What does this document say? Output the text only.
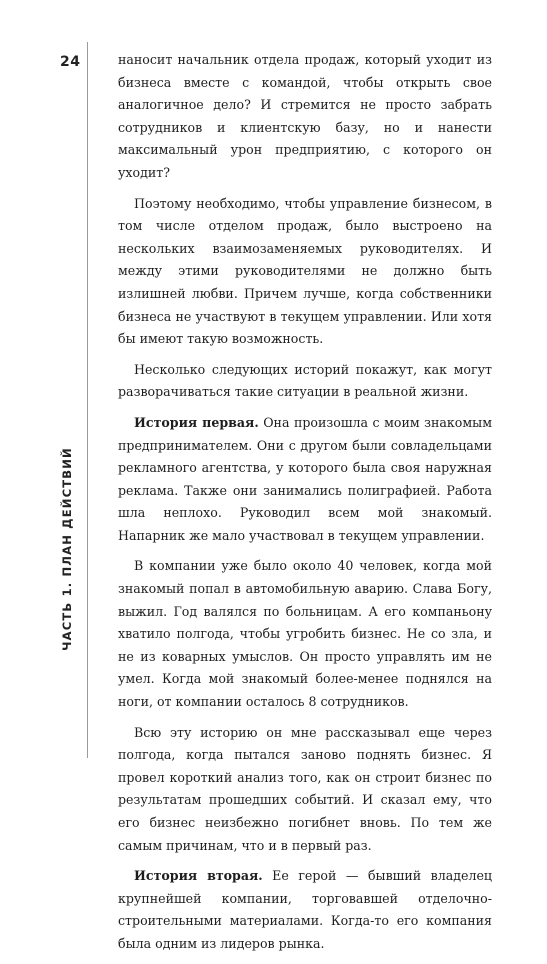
24
ЧАСТЬ 1. ПЛАН ДЕЙСТВИЙ

наносит начальник отдела продаж, который уходит из бизнеса вместе с командой, чтобы открыть свое аналогичное дело? И стремится не просто забрать сотрудников и клиентскую базу, но и нанести максимальный урон предприятию, с которого он уходит?

Поэтому необходимо, чтобы управление бизнесом, в том числе отделом продаж, было выстроено на нескольких взаимозаменяемых руководителях. И между этими руководителями не должно быть излишней любви. Причем лучше, когда собственники бизнеса не участвуют в текущем управлении. Или хотя бы имеют такую возможность.

Несколько следующих историй покажут, как могут разворачиваться такие ситуации в реальной жизни.

История первая. Она произошла с моим знакомым предпринимателем. Они с другом были совладельцами рекламного агентства, у которого была своя наружная реклама. Также они занимались полиграфией. Работа шла неплохо. Руководил всем мой знакомый. Напарник же мало участвовал в текущем управлении.

В компании уже было около 40 человек, когда мой знакомый попал в автомобильную аварию. Слава Богу, выжил. Год валялся по больницам. А его компаньону хватило полгода, чтобы угробить бизнес. Не со зла, и не из коварных умыслов. Он просто управлять им не умел. Когда мой знакомый более-менее поднялся на ноги, от компании осталось 8 сотрудников.

Всю эту историю он мне рассказывал еще через полгода, когда пытался заново поднять бизнес. Я провел короткий анализ того, как он строит бизнес по результатам прошедших событий. И сказал ему, что его бизнес неизбежно погибнет вновь. По тем же самым причинам, что и в первый раз.

История вторая. Ее герой — бывший владелец крупнейшей компании, торговавшей отделочно-строительными материалами. Когда-то его компания была одним из лидеров рынка.
